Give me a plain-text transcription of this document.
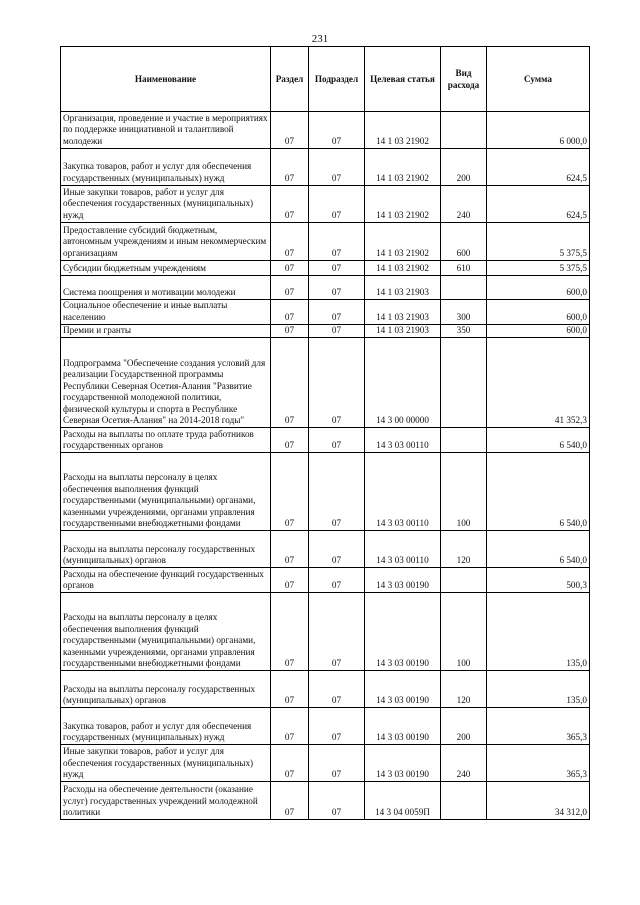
231
Наименование	Раздел	Подраздел	Целевая статья	Вид расхода	Сумма
Организация, проведение и участие в мероприятиях по поддержке инициативной и талантливой молодежи	07	07	14 1 03 21902		6 000,0
Закупка товаров, работ и услуг для обеспечения государственных (муниципальных) нужд	07	07	14 1 03 21902	200	624,5
Иные закупки товаров, работ и услуг для обеспечения государственных (муниципальных) нужд	07	07	14 1 03 21902	240	624,5
Предоставление субсидий бюджетным, автономным учреждениям и иным некоммерческим организациям	07	07	14 1 03 21902	600	5 375,5
Субсидии бюджетным учреждениям	07	07	14 1 03 21902	610	5 375,5
Система поощрения и мотивации молодежи	07	07	14 1 03 21903		600,0
Социальное обеспечение и иные выплаты населению	07	07	14 1 03 21903	300	600,0
Премии и гранты	07	07	14 1 03 21903	350	600,0
Подпрограмма "Обеспечение создания условий для реализации Государственной программы Республики Северная Осетия-Алания "Развитие государственной молодежной политики, физической культуры и спорта в Республике Северная Осетия-Алания" на 2014-2018 годы"	07	07	14 3 00 00000		41 352,3
Расходы на выплаты по оплате труда работников государственных органов	07	07	14 3 03 00110		6 540,0
Расходы на выплаты персоналу в целях обеспечения выполнения функций государственными (муниципальными) органами, казенными учреждениями, органами управления государственными внебюджетными фондами	07	07	14 3 03 00110	100	6 540,0
Расходы на выплаты персоналу государственных (муниципальных) органов	07	07	14 3 03 00110	120	6 540,0
Расходы на обеспечение функций государственных органов	07	07	14 3 03 00190		500,3
Расходы на выплаты персоналу в целях обеспечения выполнения функций государственными (муниципальными) органами, казенными учреждениями, органами управления государственными внебюджетными фондами	07	07	14 3 03 00190	100	135,0
Расходы на выплаты персоналу государственных (муниципальных) органов	07	07	14 3 03 00190	120	135,0
Закупка товаров, работ и услуг для обеспечения государственных (муниципальных) нужд	07	07	14 3 03 00190	200	365,3
Иные закупки товаров, работ и услуг для обеспечения государственных (муниципальных) нужд	07	07	14 3 03 00190	240	365,3
Расходы на обеспечение деятельности (оказание услуг) государственных учреждений молодежной политики	07	07	14 3 04 0059П		34 312,0
